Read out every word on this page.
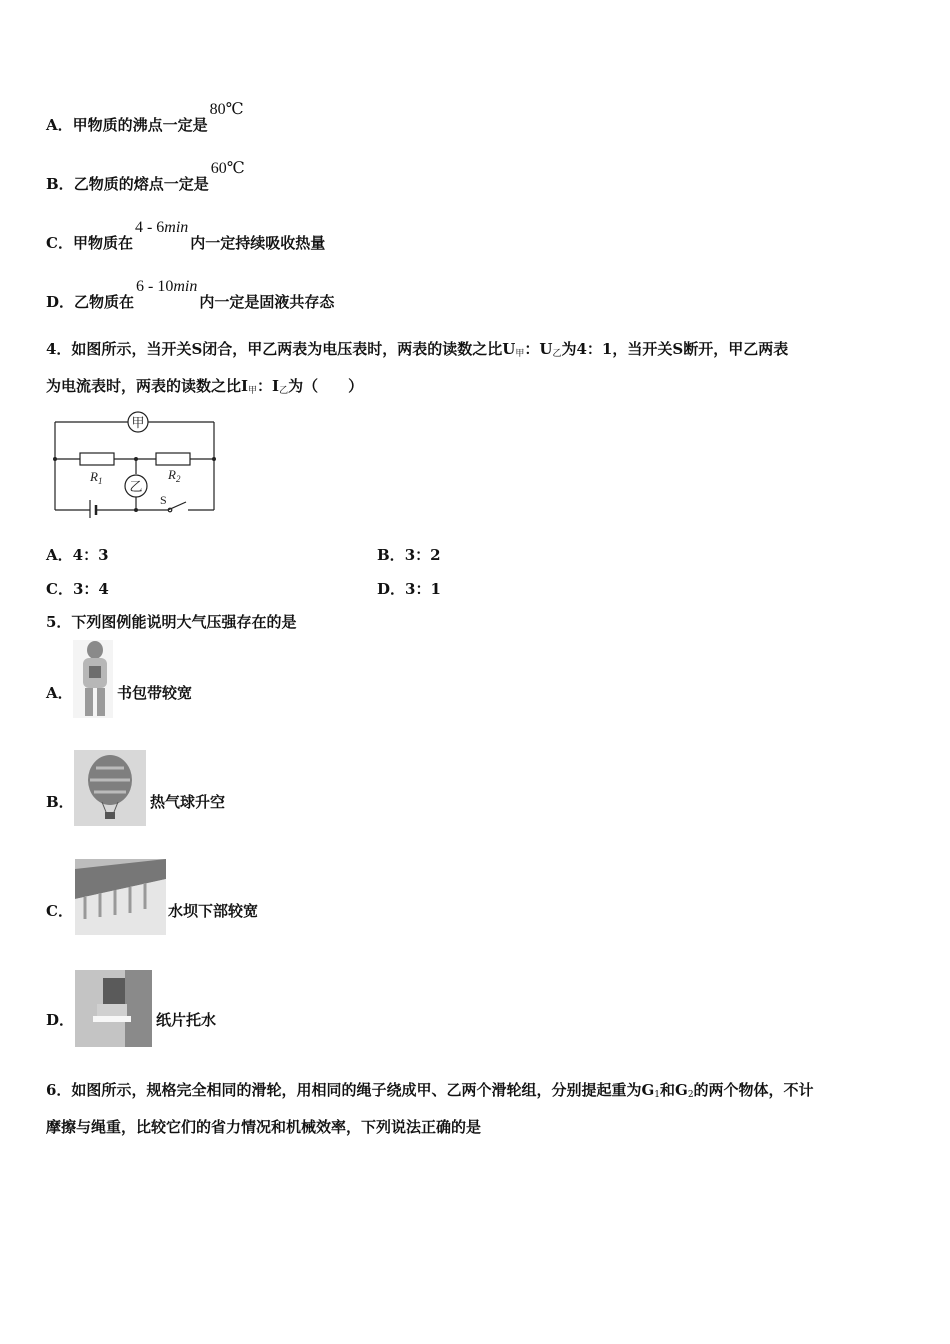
A．甲物质的沸点一定是80℃
B．乙物质的熔点一定是60℃
C．甲物质在4 - 6min内一定持续吸收热量
D．乙物质在6 - 10min内一定是固液共存态
4．如图所示，当开关S闭合，甲乙两表为电压表时，两表的读数之比$U_甲$：$U_乙$为4：1，当开关S断开，甲乙两表
为电流表时，两表的读数之比$I_甲$：$I_乙$为（　　）
甲
乙
$R_1$	$R_2$
S
A．4：3	B．3：2
C．3：4	D．3：1
5．下列图例能说明大气压强存在的是
A．	书包带较宽
B．	热气球升空
C．	水坝下部较宽
D．	纸片托水
6．如图所示，规格完全相同的滑轮，用相同的绳子绕成甲、乙两个滑轮组，分别提起重为$G_1$和$G_2$的两个物体，不计
摩擦与绳重，比较它们的省力情况和机械效率，下列说法正确的是
